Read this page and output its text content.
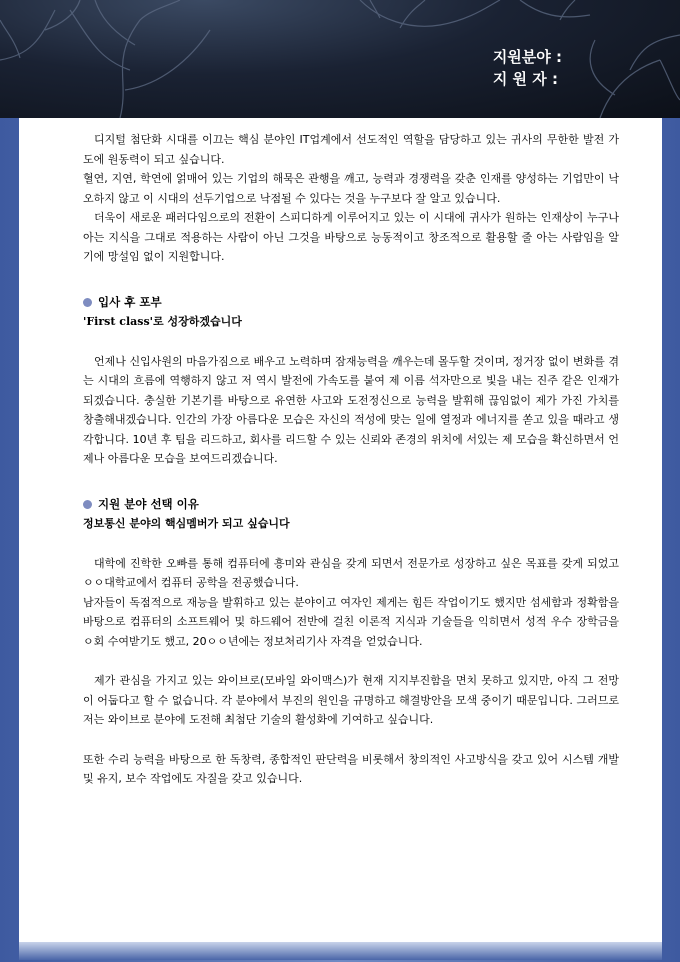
지원분야 :
지 원 자 :

디지털 첨단화 시대를 이끄는 핵심 분야인 IT업계에서 선도적인 역할을 담당하고 있는 귀사의 무한한 발전 가도에 원동력이 되고 싶습니다.

혈연, 지연, 학연에 얽매어 있는 기업의 해묵은 관행을 깨고, 능력과 경쟁력을 갖춘 인재를 양성하는 기업만이 낙오하지 않고 이 시대의 선두기업으로 낙점될 수 있다는 것을 누구보다 잘 알고 있습니다.

더욱이 새로운 패러다임으로의 전환이 스피디하게 이루어지고 있는 이 시대에 귀사가 원하는 인재상이 누구나 아는 지식을 그대로 적용하는 사람이 아닌 그것을 바탕으로 능동적이고 창조적으로 활용할 줄 아는 사람임을 알기에 망설임 없이 지원합니다.

입사 후 포부

'First class'로 성장하겠습니다

언제나 신입사원의 마음가짐으로 배우고 노력하며 잠재능력을 깨우는데 몰두할 것이며, 정거장 없이 변화를 겪는 시대의 흐름에 역행하지 않고 저 역시 발전에 가속도를 붙여 제 이름 석자만으로 빛을 내는 진주 같은 인재가 되겠습니다. 충실한 기본기를 바탕으로 유연한 사고와 도전정신으로 능력을 발휘해 끊임없이 제가 가진 가치를 창출해내겠습니다. 인간의 가장 아름다운 모습은 자신의 적성에 맞는 일에 열정과 에너지를 쏟고 있을 때라고 생각합니다. 10년 후 팀을 리드하고, 회사를 리드할 수 있는 신뢰와 존경의 위치에 서있는 제 모습을 확신하면서 언제나 아름다운 모습을 보여드리겠습니다.

지원 분야 선택 이유

정보통신 분야의 핵심멤버가 되고 싶습니다

대학에 진학한 오빠를 통해 컴퓨터에 흥미와 관심을 갖게 되면서 전문가로 성장하고 싶은 목표를 갖게 되었고 ㅇㅇ대학교에서 컴퓨터 공학을 전공했습니다.

남자들이 독점적으로 재능을 발휘하고 있는 분야이고 여자인 제게는 힘든 작업이기도 했지만 섬세함과 정확함을 바탕으로 컴퓨터의 소프트웨어 및 하드웨어 전반에 걸친 이론적 지식과 기술들을 익히면서 성적 우수 장학금을 ㅇ회 수여받기도 했고, 20ㅇㅇ년에는 정보처리기사 자격을 얻었습니다.

제가 관심을 가지고 있는 와이브로(모바일 와이맥스)가 현재 지지부진함을 면치 못하고 있지만, 아직 그 전망이 어둡다고 할 수 없습니다. 각 분야에서 부진의 원인을 규명하고 해결방안을 모색 중이기 때문입니다. 그러므로 저는 와이브로 분야에 도전해 최첨단 기술의 활성화에 기여하고 싶습니다.

또한 수리 능력을 바탕으로 한 독창력, 종합적인 판단력을 비롯해서 창의적인 사고방식을 갖고 있어 시스템 개발 및 유지, 보수 작업에도 자질을 갖고 있습니다.
